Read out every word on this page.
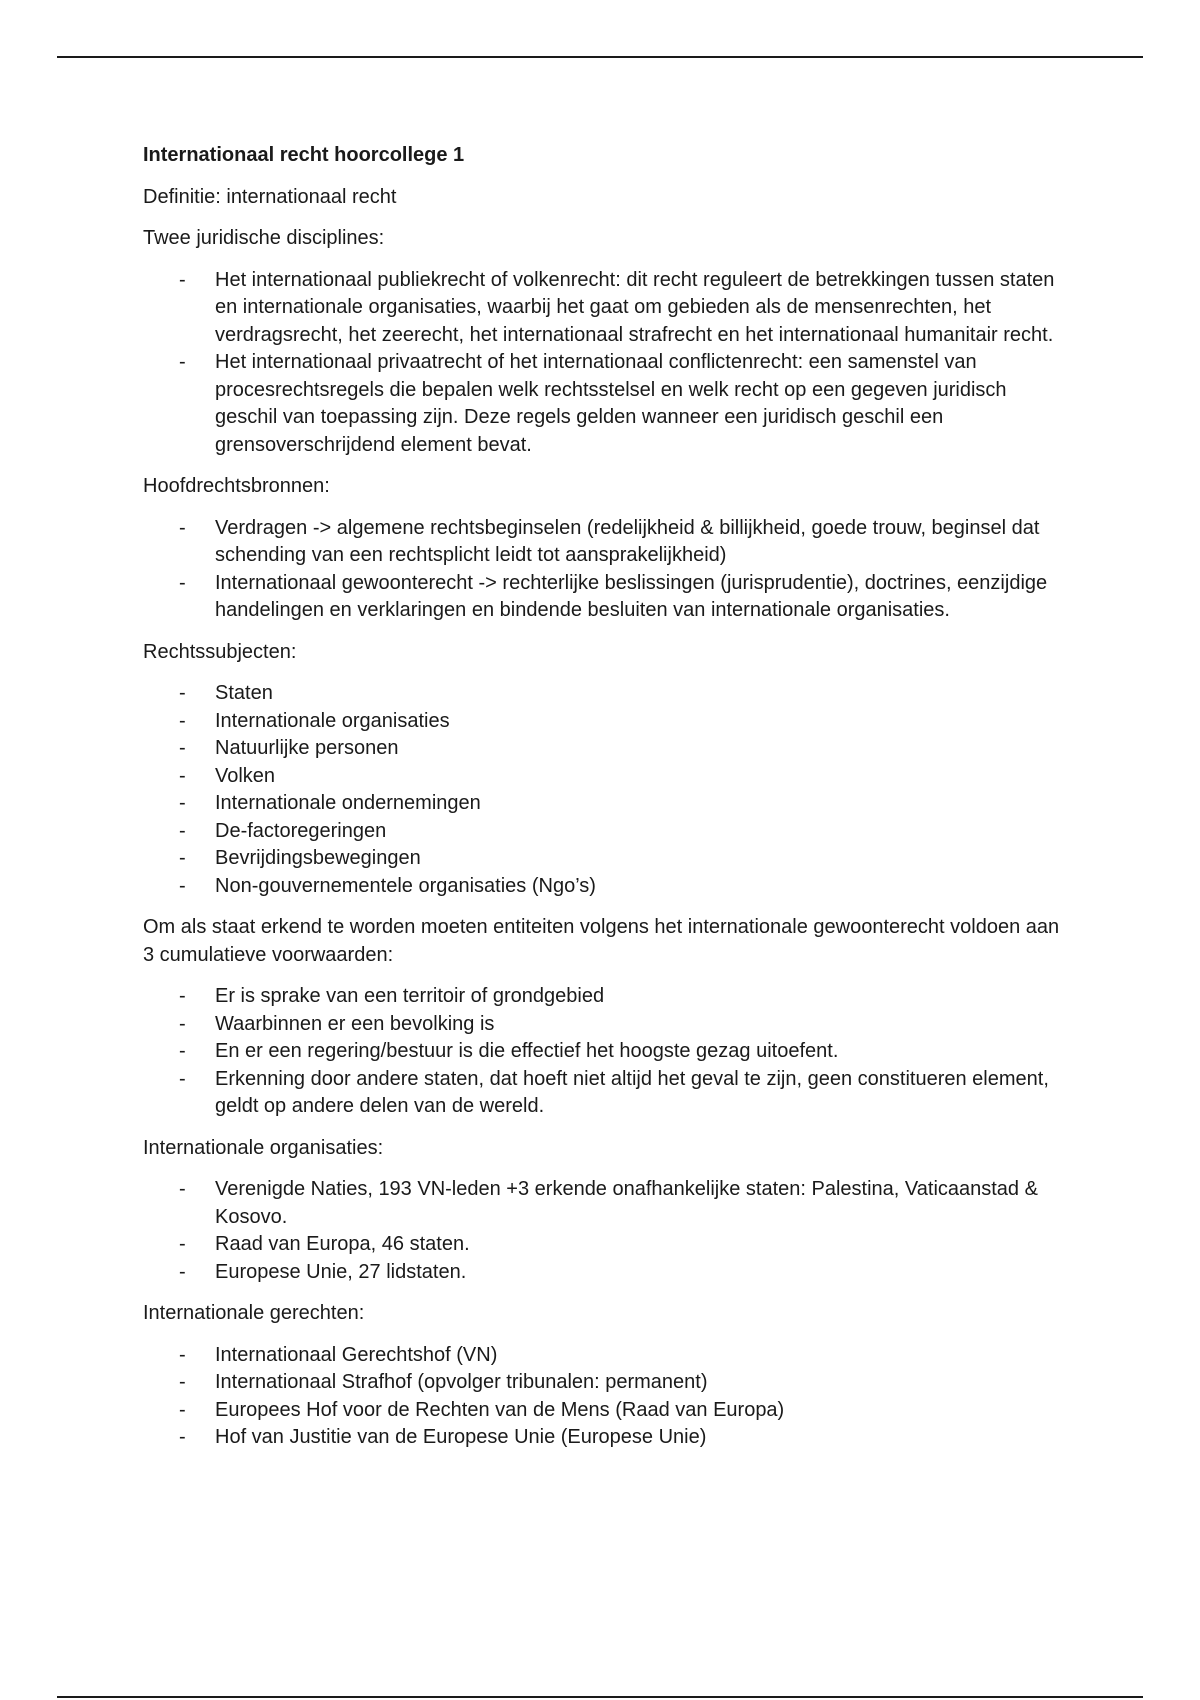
Internationaal recht hoorcollege 1

Definitie: internationaal recht

Twee juridische disciplines:

- Het internationaal publiekrecht of volkenrecht: dit recht reguleert de betrekkingen tussen staten en internationale organisaties, waarbij het gaat om gebieden als de mensenrechten, het verdragsrecht, het zeerecht, het internationaal strafrecht en het internationaal humanitair recht.
- Het internationaal privaatrecht of het internationaal conflictenrecht: een samenstel van procesrechtsregels die bepalen welk rechtsstelsel en welk recht op een gegeven juridisch geschil van toepassing zijn. Deze regels gelden wanneer een juridisch geschil een grensoverschrijdend element bevat.

Hoofdrechtsbronnen:

- Verdragen -> algemene rechtsbeginselen (redelijkheid & billijkheid, goede trouw, beginsel dat schending van een rechtsplicht leidt tot aansprakelijkheid)
- Internationaal gewoonterecht -> rechterlijke beslissingen (jurisprudentie), doctrines, eenzijdige handelingen en verklaringen en bindende besluiten van internationale organisaties.

Rechtssubjecten:

- Staten
- Internationale organisaties
- Natuurlijke personen
- Volken
- Internationale ondernemingen
- De-factoregeringen
- Bevrijdingsbewegingen
- Non-gouvernementele organisaties (Ngo’s)

Om als staat erkend te worden moeten entiteiten volgens het internationale gewoonterecht voldoen aan 3 cumulatieve voorwaarden:

- Er is sprake van een territoir of grondgebied
- Waarbinnen er een bevolking is
- En er een regering/bestuur is die effectief het hoogste gezag uitoefent.
- Erkenning door andere staten, dat hoeft niet altijd het geval te zijn, geen constitueren element, geldt op andere delen van de wereld.

Internationale organisaties:

- Verenigde Naties, 193 VN-leden +3 erkende onafhankelijke staten: Palestina, Vaticaanstad & Kosovo.
- Raad van Europa, 46 staten.
- Europese Unie, 27 lidstaten.

Internationale gerechten:

- Internationaal Gerechtshof (VN)
- Internationaal Strafhof (opvolger tribunalen: permanent)
- Europees Hof voor de Rechten van de Mens (Raad van Europa)
- Hof van Justitie van de Europese Unie (Europese Unie)
